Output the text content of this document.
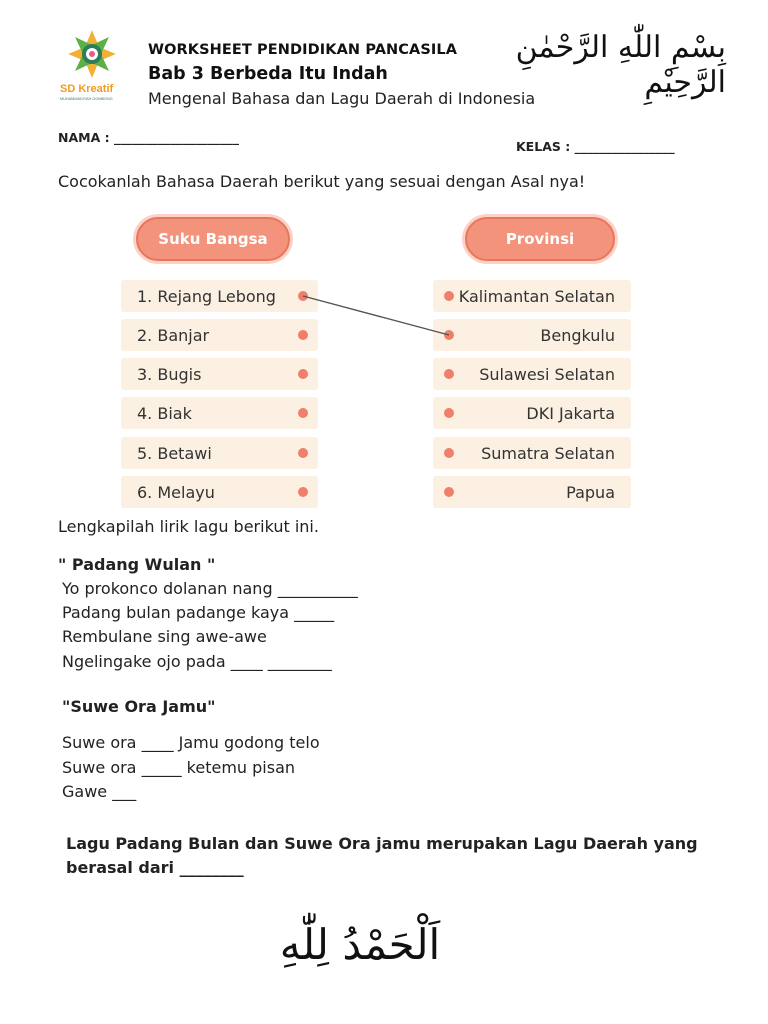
SD Kreatif
MUHAMMADIYAH GOMBONG
WORKSHEET PENDIDIKAN PANCASILA
Bab 3 Berbeda Itu Indah
Mengenal Bahasa dan Lagu Daerah di Indonesia
بِسْمِ اللّٰهِ الرَّحْمٰنِ الرَّحِيْمِ
NAMA : ____________________
KELAS : ________________
Cocokanlah Bahasa Daerah berikut yang sesuai dengan Asal nya!
Suku Bangsa	Provinsi
1. Rejang Lebong
2. Banjar
3. Bugis
4. Biak
5. Betawi
6. Melayu
Kalimantan Selatan
Bengkulu
Sulawesi Selatan
DKI Jakarta
Sumatra Selatan
Papua
Lengkapilah lirik lagu berikut ini.
" Padang Wulan "
Yo prokonco dolanan nang __________
Padang bulan padange kaya _____
Rembulane sing awe-awe
Ngelingake ojo pada ____ ________
"Suwe Ora Jamu"
Suwe ora ____ Jamu godong telo
Suwe ora _____ ketemu pisan
Gawe ___
Lagu Padang Bulan dan Suwe Ora jamu merupakan Lagu Daerah yang berasal dari ________
اَلْحَمْدُ لِلّٰهِ
